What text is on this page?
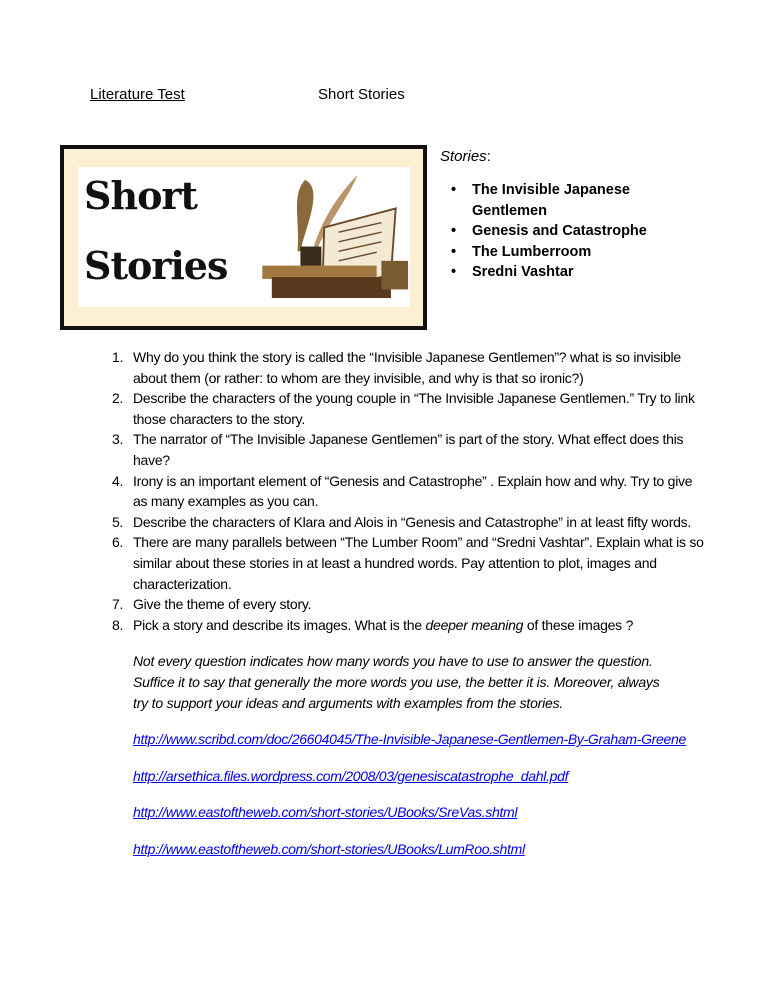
Literature Test	Short Stories
Short
Stories
Stories:
• The Invisible Japanese Gentlemen
• Genesis and Catastrophe
• The Lumberroom
• Sredni Vashtar
1. Why do you think the story is called the “Invisible Japanese Gentlemen”? what is so invisible about them (or rather: to whom are they invisible, and why is that so ironic?)
2. Describe the characters of the young couple in “The Invisible Japanese Gentlemen.” Try to link those characters to the story.
3. The narrator of “The Invisible Japanese Gentlemen” is part of the story. What effect does this have?
4. Irony is an important element of “Genesis and Catastrophe” . Explain how and why. Try to give as many examples as you can.
5. Describe the characters of Klara and Alois in “Genesis and Catastrophe” in at least fifty words.
6. There are many parallels between “The Lumber Room” and “Sredni Vashtar”. Explain what is so similar about these stories in at least a hundred words. Pay attention to plot, images and characterization.
7. Give the theme of every story.
8. Pick a story and describe its images. What is the deeper meaning of these images ?
Not every question indicates how many words you have to use to answer the question. Suffice it to say that generally the more words you use, the better it is. Moreover, always try to support your ideas and arguments with examples from the stories.
http://www.scribd.com/doc/26604045/The-Invisible-Japanese-Gentlemen-By-Graham-Greene
http://arsethica.files.wordpress.com/2008/03/genesiscatastrophe_dahl.pdf
http://www.eastoftheweb.com/short-stories/UBooks/SreVas.shtml
http://www.eastoftheweb.com/short-stories/UBooks/LumRoo.shtml
